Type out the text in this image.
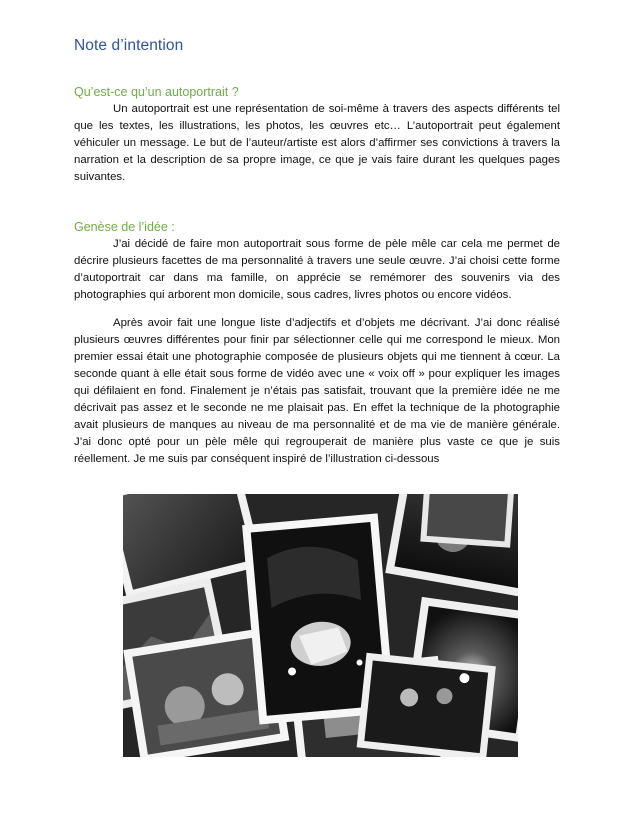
Note d’intention
Qu’est-ce qu’un autoportrait ?

Un autoportrait est une représentation de soi-même à travers des aspects différents tel que les textes, les illustrations, les photos, les œuvres etc… L’autoportrait peut également véhiculer un message. Le but de l’auteur/artiste est alors d’affirmer ses convictions à travers la narration et la description de sa propre image, ce que je vais faire durant les quelques pages suivantes.

Genèse de l’idée :

J’ai décidé de faire mon autoportrait sous forme de pèle mêle car cela me permet de décrire plusieurs facettes de ma personnalité à travers une seule œuvre. J’ai choisi cette forme d’autoportrait car dans ma famille, on apprécie se remémorer des souvenirs via des photographies qui arborent mon domicile, sous cadres, livres photos ou encore vidéos.

Après avoir fait une longue liste d’adjectifs et d’objets me décrivant. J’ai donc réalisé plusieurs œuvres différentes pour finir par sélectionner celle qui me correspond le mieux. Mon premier essai était une photographie composée de plusieurs objets qui me tiennent à cœur. La seconde quant à elle était sous forme de vidéo avec une « voix off » pour expliquer les images qui défilaient en fond. Finalement je n’étais pas satisfait, trouvant que la première idée ne me décrivait pas assez et le seconde ne me plaisait pas. En effet la technique de la photographie avait plusieurs de manques au niveau de ma personnalité et de ma vie de manière générale. J’ai donc opté pour un pèle mêle qui regrouperait de manière plus vaste ce que je suis réellement. Je me suis par conséquent inspiré de l’illustration ci-dessous
